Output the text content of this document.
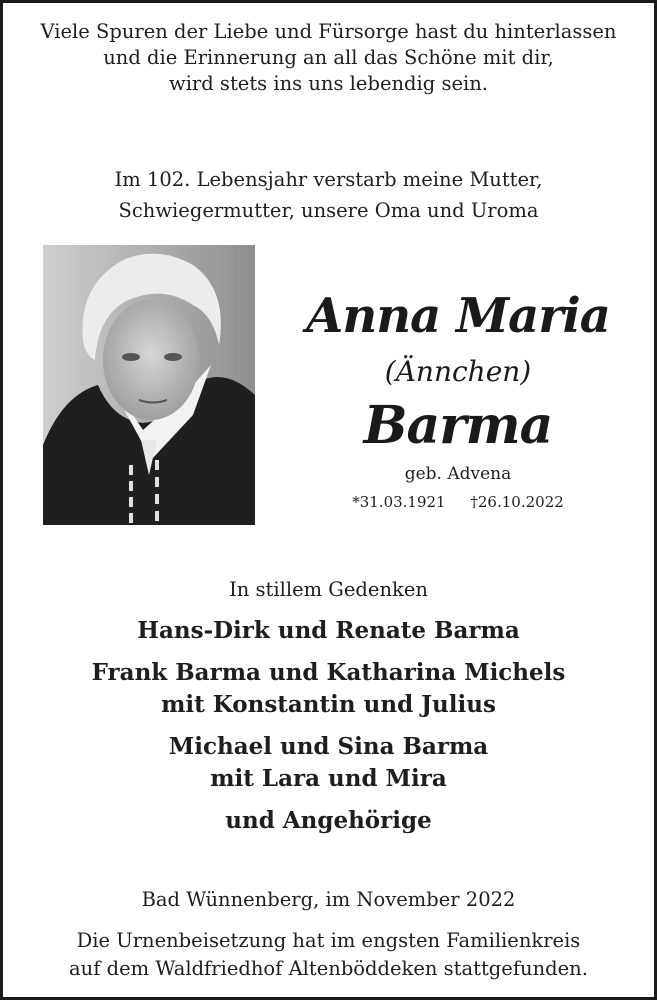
Viele Spuren der Liebe und Fürsorge hast du hinterlassen
und die Erinnerung an all das Schöne mit dir,
wird stets ins uns lebendig sein.
Im 102. Lebensjahr verstarb meine Mutter,
Schwiegermutter, unsere Oma und Uroma
Anna Maria
(Ännchen)
Barma
geb. Advena
*31.03.1921 †26.10.2022
In stillem Gedenken
Hans-Dirk und Renate Barma
Frank Barma und Katharina Michels
mit Konstantin und Julius
Michael und Sina Barma
mit Lara und Mira
und Angehörige
Bad Wünnenberg, im November 2022
Die Urnenbeisetzung hat im engsten Familienkreis
auf dem Waldfriedhof Altenböddeken stattgefunden.
